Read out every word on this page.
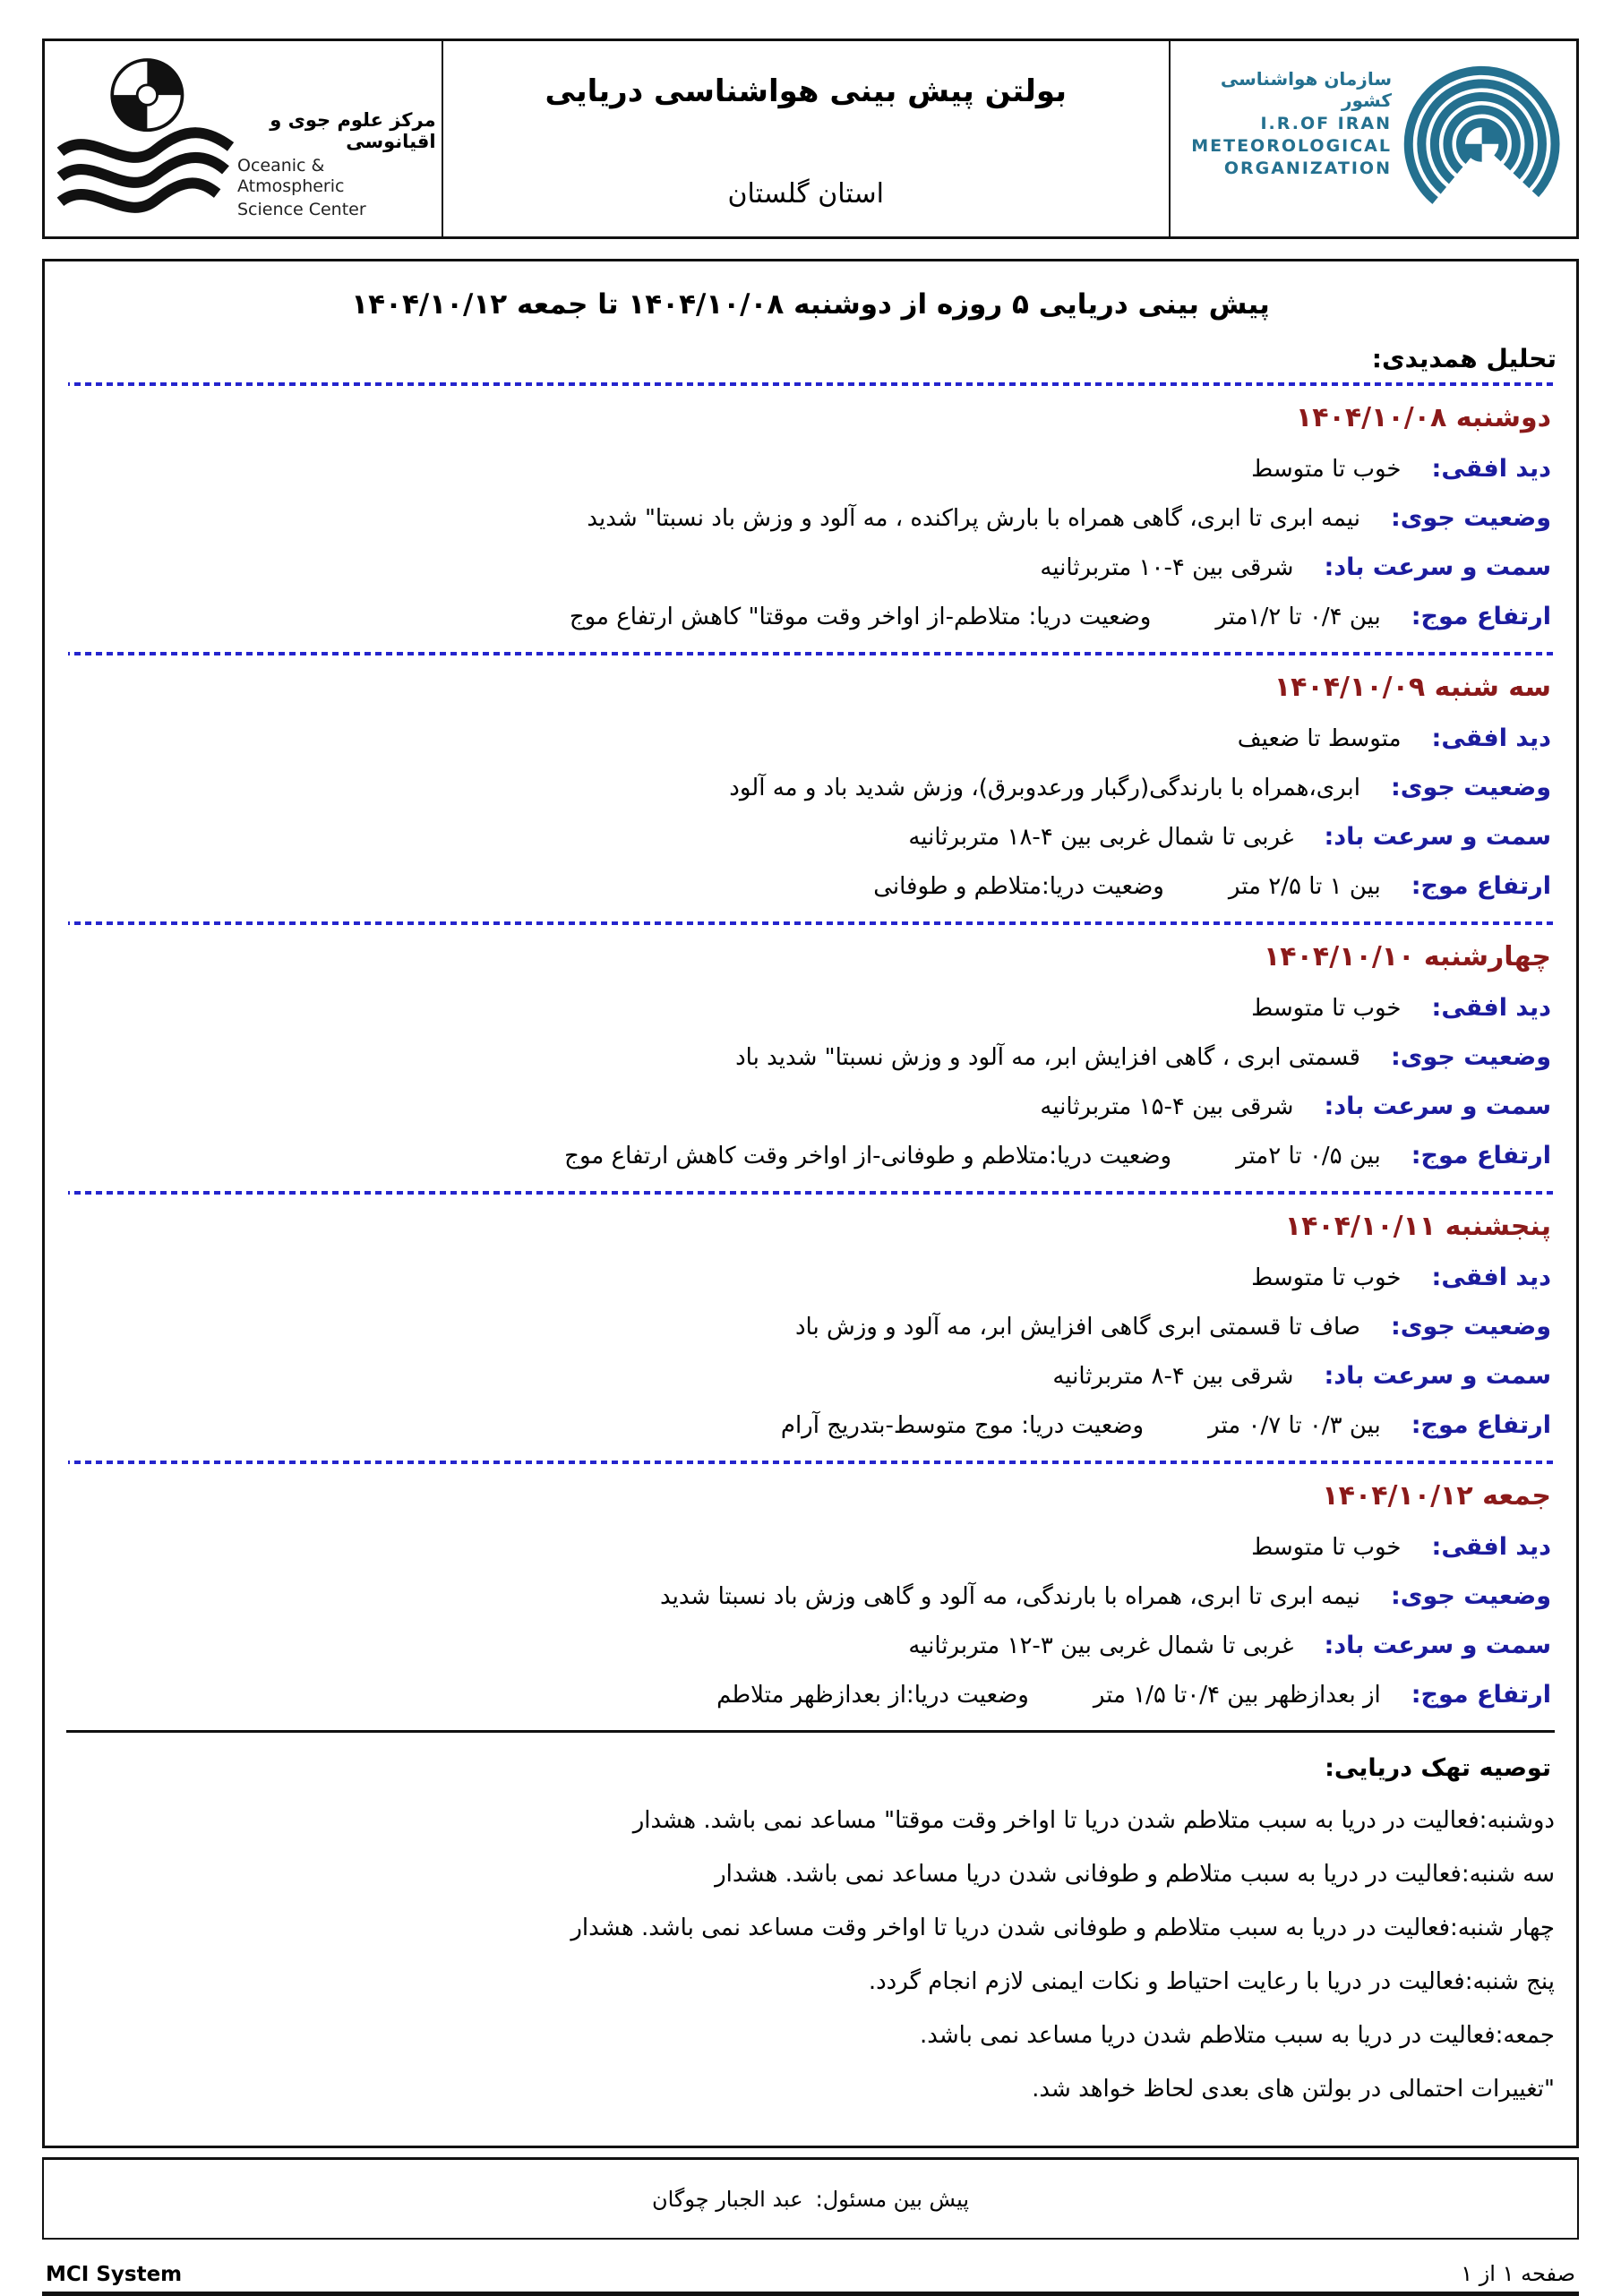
مرکز علوم جوی و اقیانوسی
Oceanic & Atmospheric
Science Center
بولتن پیش بینی هواشناسی دریایی
استان گلستان
سازمان هواشناسی کشور
I.R.OF IRAN
METEOROLOGICAL
ORGANIZATION
پیش بینی دریایی ۵ روزه از دوشنبه ۱۴۰۴/۱۰/۰۸ تا جمعه ۱۴۰۴/۱۰/۱۲
تحلیل همدیدی:
دوشنبه ۱۴۰۴/۱۰/۰۸
دید افقی:خوب تا متوسط
وضعیت جوی:نیمه ابری تا ابری، گاهی همراه با بارش پراکنده ، مه آلود و وزش باد نسبتا" شدید
سمت و سرعت باد:شرقی بین ۴-۱۰ متربرثانیه
ارتفاع موج:بین ۰/۴ تا ۱/۲متروضعیت دریا: متلاطم-از اواخر وقت موقتا" کاهش ارتفاع موج
سه شنبه ۱۴۰۴/۱۰/۰۹
دید افقی:متوسط تا ضعیف
وضعیت جوی:ابری،همراه با بارندگی(رگبار ورعدوبرق)، وزش شدید باد و مه آلود
سمت و سرعت باد:غربی تا شمال غربی بین ۴-۱۸ متربرثانیه
ارتفاع موج:بین ۱ تا ۲/۵ متروضعیت دریا:متلاطم و طوفانی
چهارشنبه ۱۴۰۴/۱۰/۱۰
دید افقی:خوب تا متوسط
وضعیت جوی:قسمتی ابری ، گاهی افزایش ابر، مه آلود و وزش نسبتا" شدید باد
سمت و سرعت باد:شرقی بین ۴-۱۵ متربرثانیه
ارتفاع موج:بین ۰/۵ تا ۲متروضعیت دریا:متلاطم و طوفانی-از اواخر وقت کاهش ارتفاع موج
پنجشنبه ۱۴۰۴/۱۰/۱۱
دید افقی:خوب تا متوسط
وضعیت جوی:صاف تا قسمتی ابری گاهی افزایش ابر، مه آلود و وزش باد
سمت و سرعت باد:شرقی بین ۴-۸ متربرثانیه
ارتفاع موج:بین ۰/۳ تا ۰/۷ متروضعیت دریا: موج متوسط-بتدریج آرام
جمعه ۱۴۰۴/۱۰/۱۲
دید افقی:خوب تا متوسط
وضعیت جوی:نیمه ابری تا ابری، همراه با بارندگی، مه آلود و گاهی وزش باد نسبتا شدید
سمت و سرعت باد:غربی تا شمال غربی بین ۳-۱۲ متربرثانیه
ارتفاع موج:از بعدازظهر بین ۰/۴تا ۱/۵ متروضعیت دریا:از بعدازظهر متلاطم
توصیه تهک دریایی:
دوشنبه:فعالیت در دریا به سبب متلاطم شدن دریا تا اواخر وقت موقتا" مساعد نمی باشد. هشدار
سه شنبه:فعالیت در دریا به سبب متلاطم و طوفانی شدن دریا مساعد نمی باشد. هشدار
چهار شنبه:فعالیت در دریا به سبب متلاطم و طوفانی شدن دریا تا اواخر وقت مساعد نمی باشد. هشدار
پنج شنبه:فعالیت در دریا با رعایت احتیاط و نکات ایمنی لازم انجام گردد.
جمعه:فعالیت در دریا به سبب متلاطم شدن دریا مساعد نمی باشد.
"تغییرات احتمالی در بولتن های بعدی لحاظ خواهد شد.
پیش بین مسئول:
عبد الجبار چوگان
MCI System	صفحه ۱ از ۱
